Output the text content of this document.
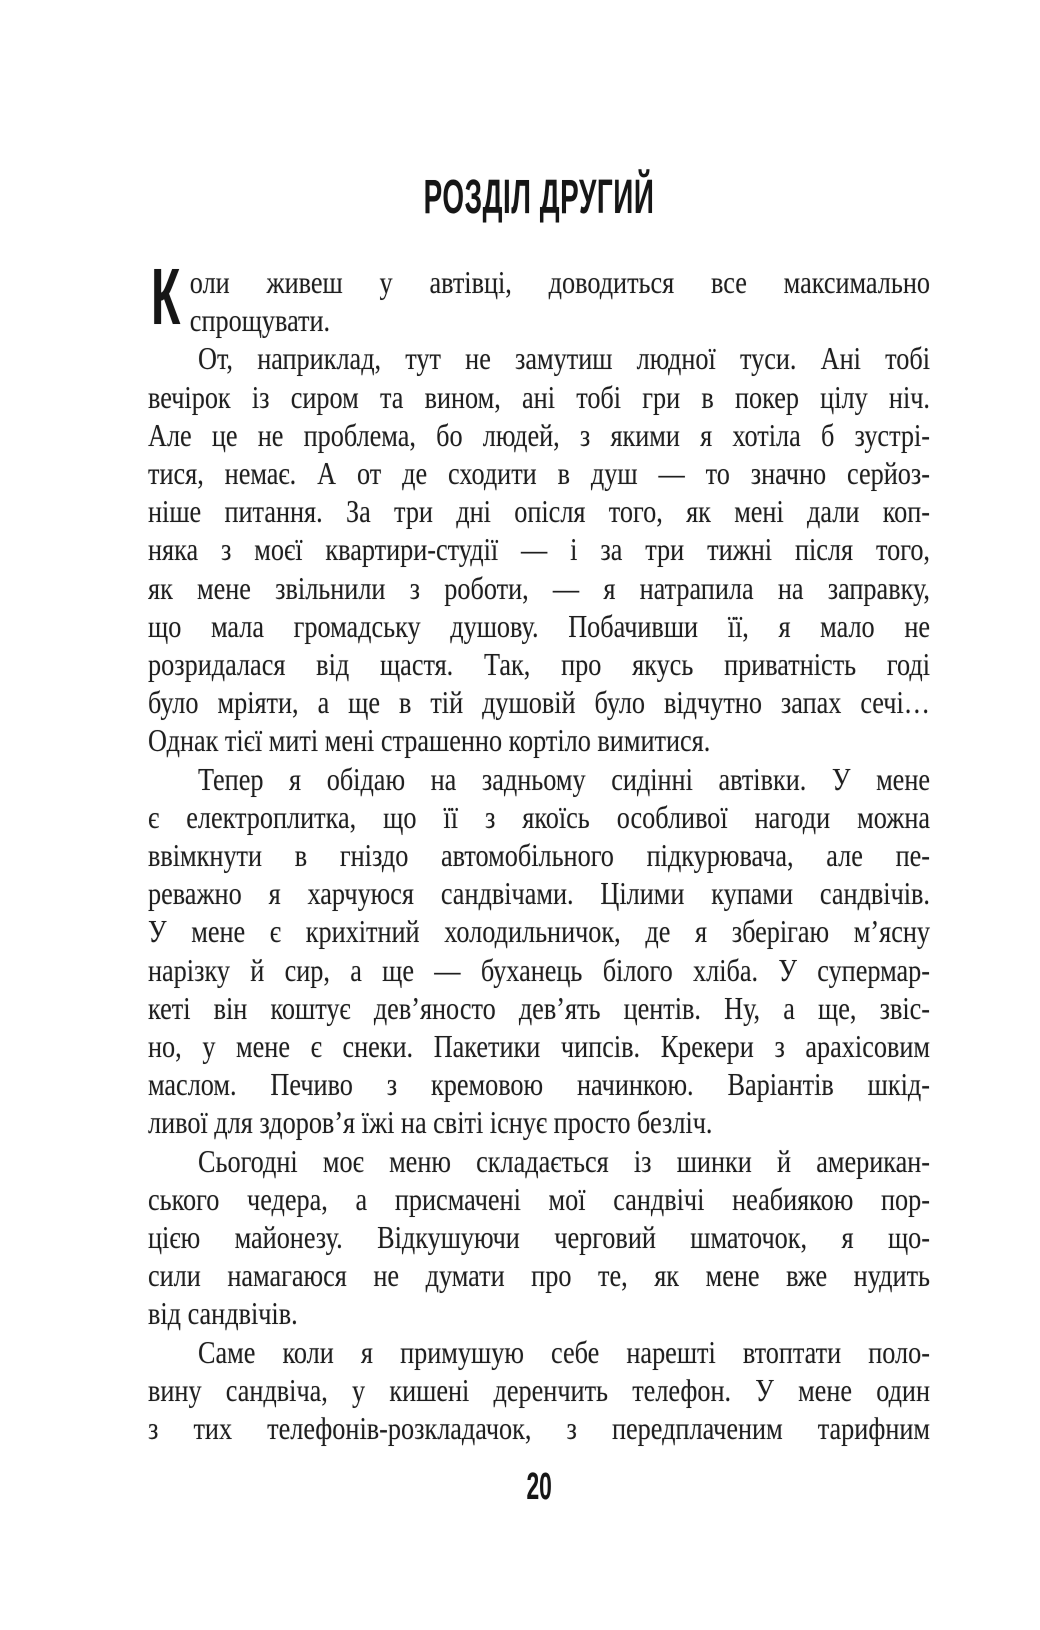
РОЗДІЛ ДРУГИЙ
К оли живеш у автівці, доводиться все максимально
спрощувати.
От, наприклад, тут не замутиш людної туси. Ані тобі
вечірок із сиром та вином, ані тобі гри в покер цілу ніч.
Але це не проблема, бо людей, з якими я хотіла б зустрі-
тися, немає. А от де сходити в душ — то значно серйоз-
ніше питання. За три дні опісля того, як мені дали коп-
няка з моєї квартири-студії — і за три тижні після того,
як мене звільнили з роботи, — я натрапила на заправку,
що мала громадську душову. Побачивши її, я мало не
розридалася від щастя. Так, про якусь приватність годі
було мріяти, а ще в тій душовій було відчутно запах сечі…
Однак тієї миті мені страшенно кортіло вимитися.
Тепер я обідаю на задньому сидінні автівки. У мене
є електроплитка, що її з якоїсь особливої нагоди можна
ввімкнути в гніздо автомобільного підкурювача, але пе-
реважно я харчуюся сандвічами. Цілими купами сандвічів.
У мене є крихітний холодильничок, де я зберігаю м’ясну
нарізку й сир, а ще — буханець білого хліба. У супермар-
кеті він коштує дев’яносто дев’ять центів. Ну, а ще, звіс-
но, у мене є снеки. Пакетики чипсів. Крекери з арахісовим
маслом. Печиво з кремовою начинкою. Варіантів шкід-
ливої для здоров’я їжі на світі існує просто безліч.
Сьогодні моє меню складається із шинки й американ-
ського чедера, а присмачені мої сандвічі неабиякою пор-
цією майонезу. Відкушуючи черговий шматочок, я що-
сили намагаюся не думати про те, як мене вже нудить
від сандвічів.
Саме коли я примушую себе нарешті втоптати поло-
вину сандвіча, у кишені деренчить телефон. У мене один
з тих телефонів-розкладачок, з передплаченим тарифним
20
